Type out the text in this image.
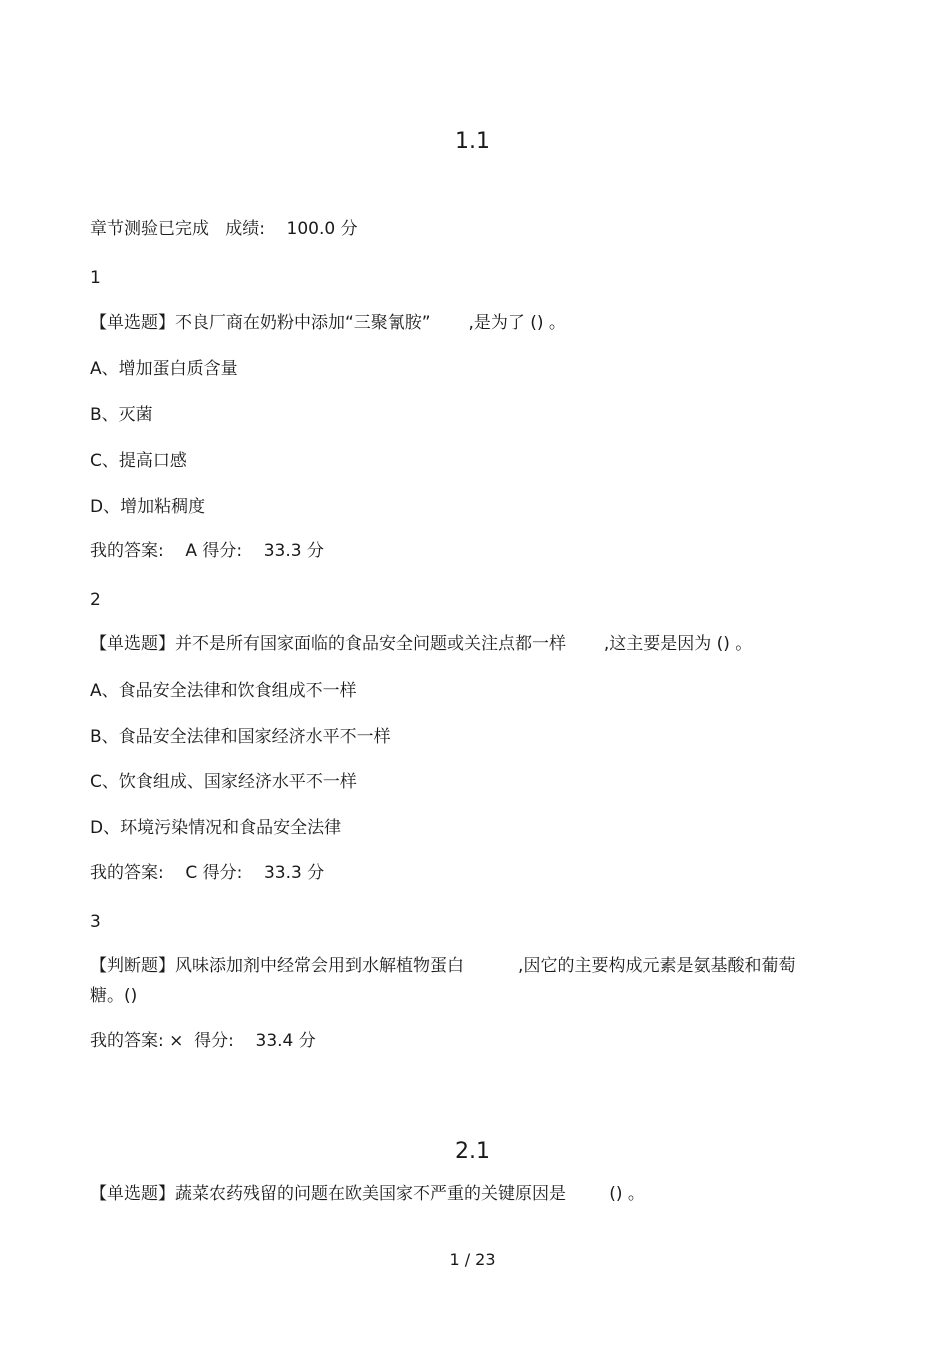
1.1
章节测验已完成   成绩:    100.0 分
1
【单选题】不良厂商在奶粉中添加“三聚氰胺”       ,是为了 () 。
A、增加蛋白质含量
B、灭菌
C、提高口感
D、增加粘稠度
我的答案:    A 得分:    33.3 分
2
【单选题】并不是所有国家面临的食品安全问题或关注点都一样       ,这主要是因为 () 。
A、食品安全法律和饮食组成不一样
B、食品安全法律和国家经济水平不一样
C、饮食组成、国家经济水平不一样
D、环境污染情况和食品安全法律
我的答案:    C 得分:    33.3 分
3
【判断题】风味添加剂中经常会用到水解植物蛋白          ,因它的主要构成元素是氨基酸和葡萄
糖。()
我的答案: ×  得分:    33.4 分
2.1
【单选题】蔬菜农药残留的问题在欧美国家不严重的关键原因是        () 。
1 / 23
